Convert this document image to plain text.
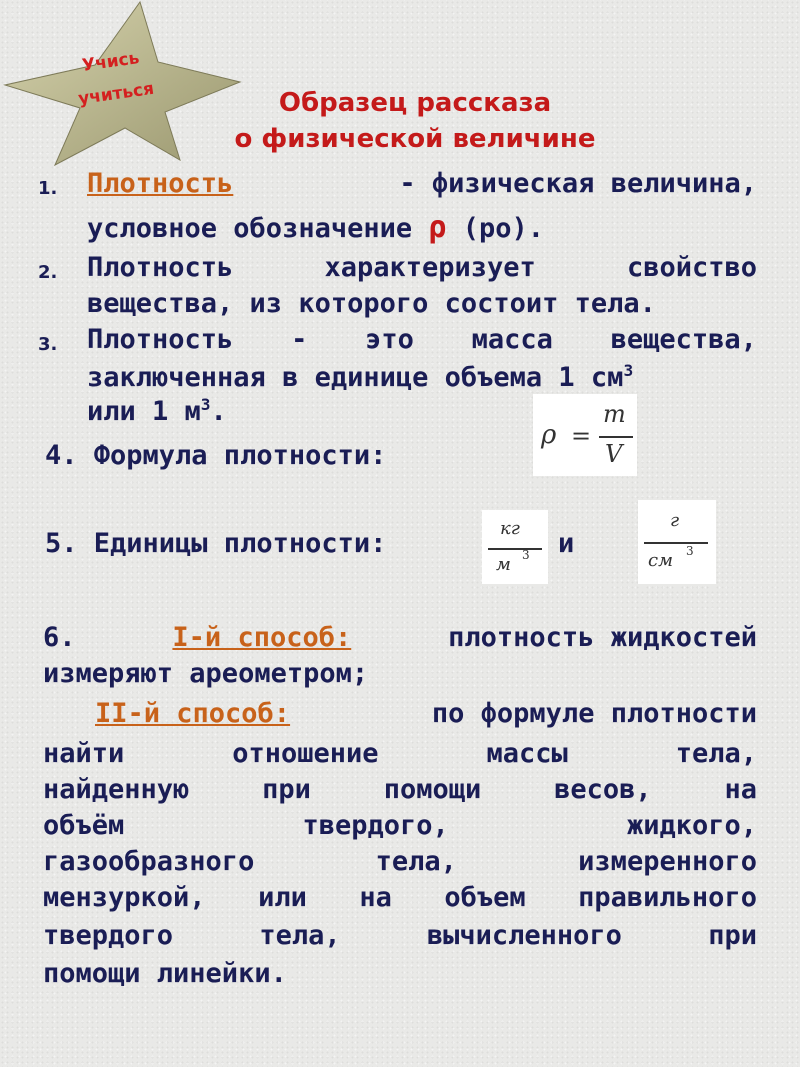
Учись
учиться	Образец рассказа
о физической величине
1. Плотность	- физическая величина,
условное обозначение ρ (ро).
2. Плотность	характеризует	свойство
вещества, из которого состоит тела.
3. Плотность - это масса вещества,
заключенная в единице объема 1 $см^3$
или 1 $м^3$.
4. Формула плотности:
ρ =
m
V
5. Единицы плотности:	кг
м 3 и
г
см 3
6.	I-й способ:	плотность жидкостей
измеряют ареометром;
II-й способ:	по формуле плотности
найти	отношение	массы	тела,
найденную	при	помощи	весов,	на
объём	твердого,	жидкого,
газообразного	тела,	измеренного
мензуркой, или на объем правильного
твердого	тела,	вычисленного	при
помощи линейки.
